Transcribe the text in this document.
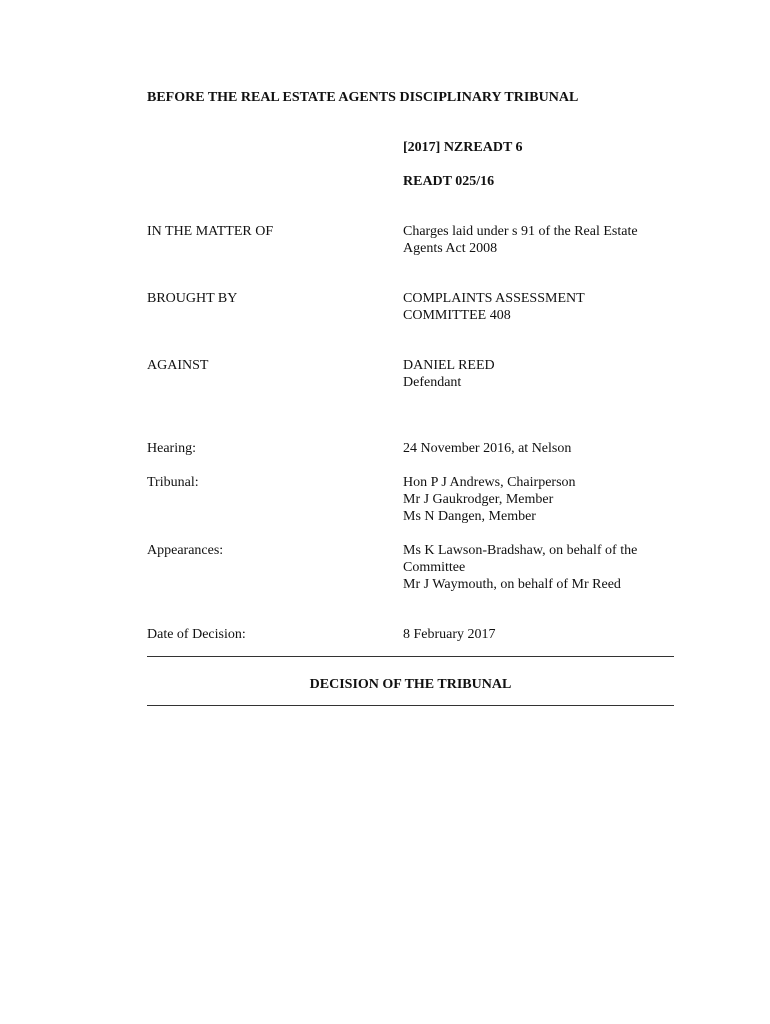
BEFORE THE REAL ESTATE AGENTS DISCIPLINARY TRIBUNAL
[2017] NZREADT 6
READT 025/16
IN THE MATTER OF	Charges laid under s 91 of the Real Estate
Agents Act 2008
BROUGHT BY	COMPLAINTS ASSESSMENT
COMMITTEE 408
AGAINST	DANIEL REED
Defendant
Hearing:	24 November 2016, at Nelson
Tribunal:	Hon P J Andrews, Chairperson
Mr J Gaukrodger, Member
Ms N Dangen, Member
Appearances:	Ms K Lawson-Bradshaw, on behalf of the
Committee
Mr J Waymouth, on behalf of Mr Reed
Date of Decision:	8 February 2017
DECISION OF THE TRIBUNAL
